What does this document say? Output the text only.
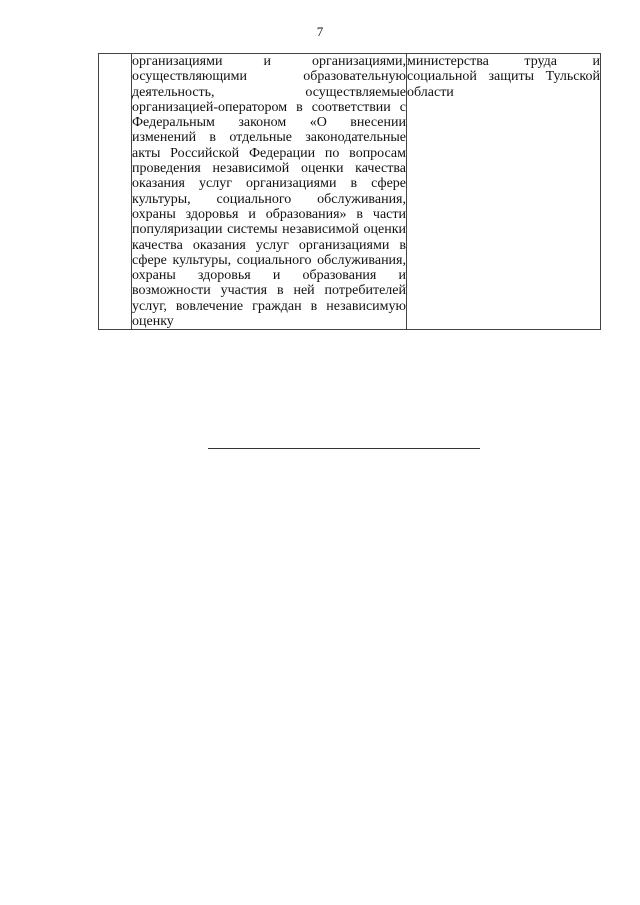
7
	организациями и организациями, осуществляющими образовательную деятельность, осуществляемые организацией-оператором в соответствии с Федеральным законом «О внесении изменений в отдельные законодательные акты Российской Федерации по вопросам проведения независимой оценки качества оказания услуг организациями в сфере культуры, социального обслуживания, охраны здоровья и образования» в части популяризации системы независимой оценки качества оказания услуг организациями в сфере культуры, социального обслуживания, охраны здоровья и образования и возможности участия в ней потребителей услуг, вовлечение граждан в независимую оценку	министерства труда и социальной защиты Тульской области
